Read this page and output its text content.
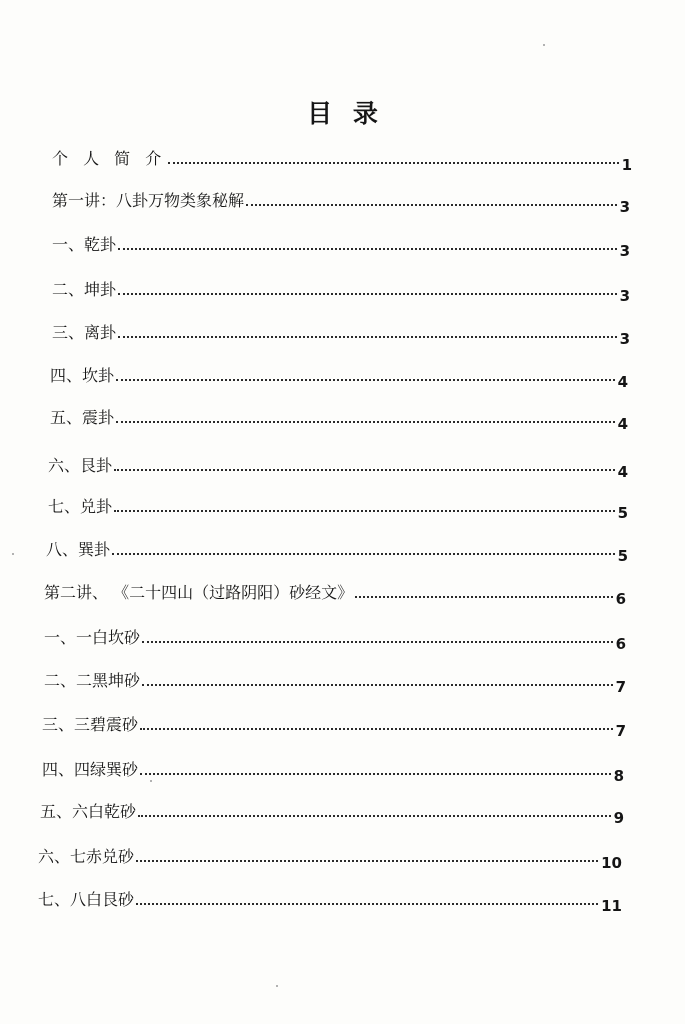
目 录
个 人 简 介	1
第一讲：八卦万物类象秘解	3
一、乾卦	3
二、坤卦	3
三、离卦	3
四、坎卦	4
五、震卦	4
六、艮卦	4
七、兑卦	5
八、巽卦	5
第二讲、 《二十四山（过路阴阳）砂经文》	6
一、一白坎砂	6
二、二黑坤砂	7
三、三碧震砂	7
四、四绿巽砂	8
五、六白乾砂	9
六、七赤兑砂	10
七、八白艮砂	11
